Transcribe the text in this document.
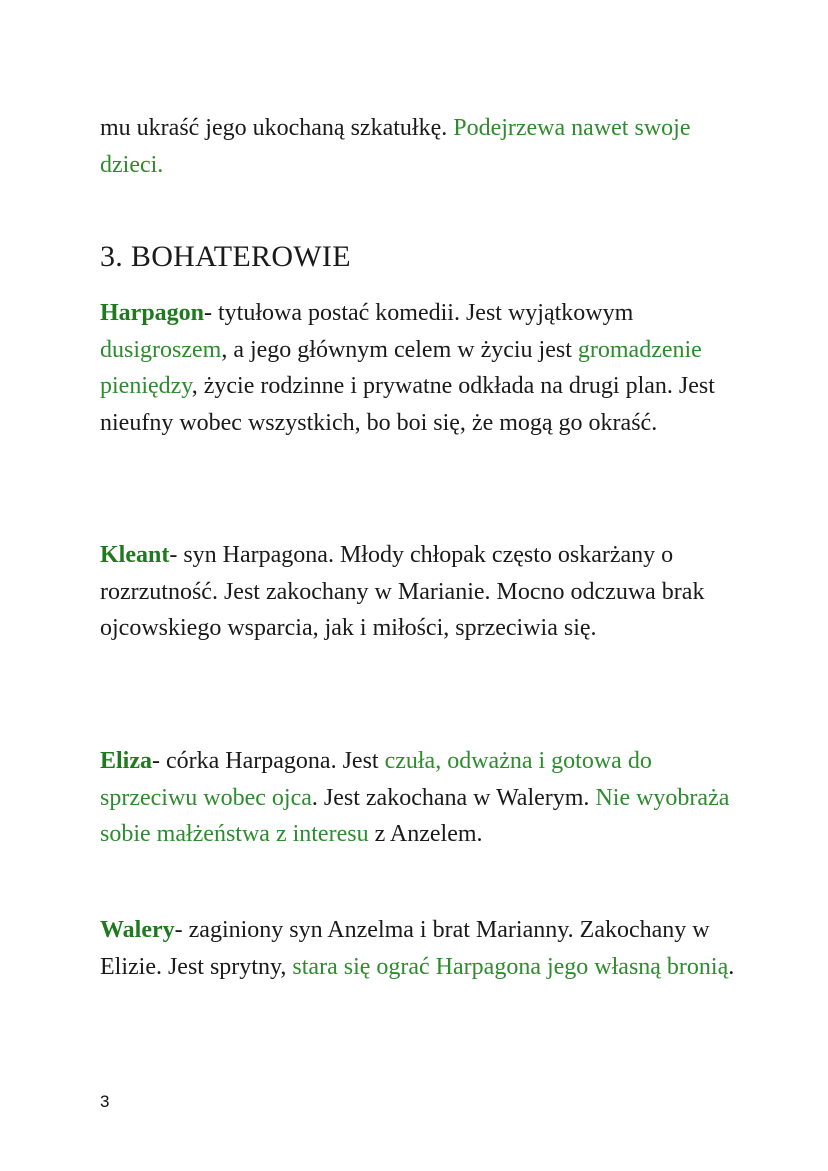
mu ukraść jego ukochaną szkatułkę. Podejrzewa nawet swoje dzieci.

3. BOHATEROWIE

Harpagon- tytułowa postać komedii. Jest wyjątkowym dusigroszem, a jego głównym celem w życiu jest gromadzenie pieniędzy, życie rodzinne i prywatne odkłada na drugi plan. Jest nieufny wobec wszystkich, bo boi się, że mogą go okraść.

Kleant- syn Harpagona. Młody chłopak często oskarżany o rozrzutność. Jest zakochany w Marianie. Mocno odczuwa brak ojcowskiego wsparcia, jak i miłości, sprzeciwia się.

Eliza- córka Harpagona. Jest czuła, odważna i gotowa do sprzeciwu wobec ojca. Jest zakochana w Walerym. Nie wyobraża sobie małżeństwa z interesu z Anzelem.

Walery- zaginiony syn Anzelma i brat Marianny. Zakochany w Elizie. Jest sprytny, stara się ograć Harpagona jego własną bronią.

3
